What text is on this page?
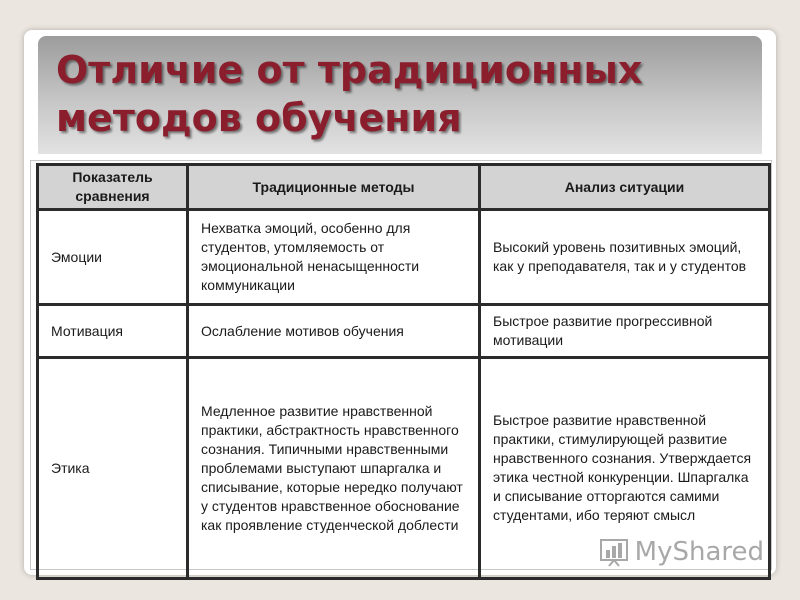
Отличие от традиционных
методов обучения
Показатель сравнения	Традиционные методы	Анализ ситуации
Эмоции	Нехватка эмоций, особенно для студентов, утомляемость от эмоциональной ненасыщенности коммуникации	Высокий уровень позитивных эмоций, как у преподавателя, так и у студентов
Мотивация	Ослабление мотивов обучения	Быстрое развитие прогрессивной мотивации
Этика	Медленное развитие нравственной практики, абстрактность нравственного сознания. Типичными нравственными проблемами выступают шпаргалка и списывание, которые нередко получают у студентов нравственное обоснование как проявление студенческой доблести	Быстрое развитие нравственной практики, стимулирующей развитие нравственного сознания. Утверждается этика честной конкуренции. Шпаргалка и списывание отторгаются самими студентами, ибо теряют смысл
MyShared
